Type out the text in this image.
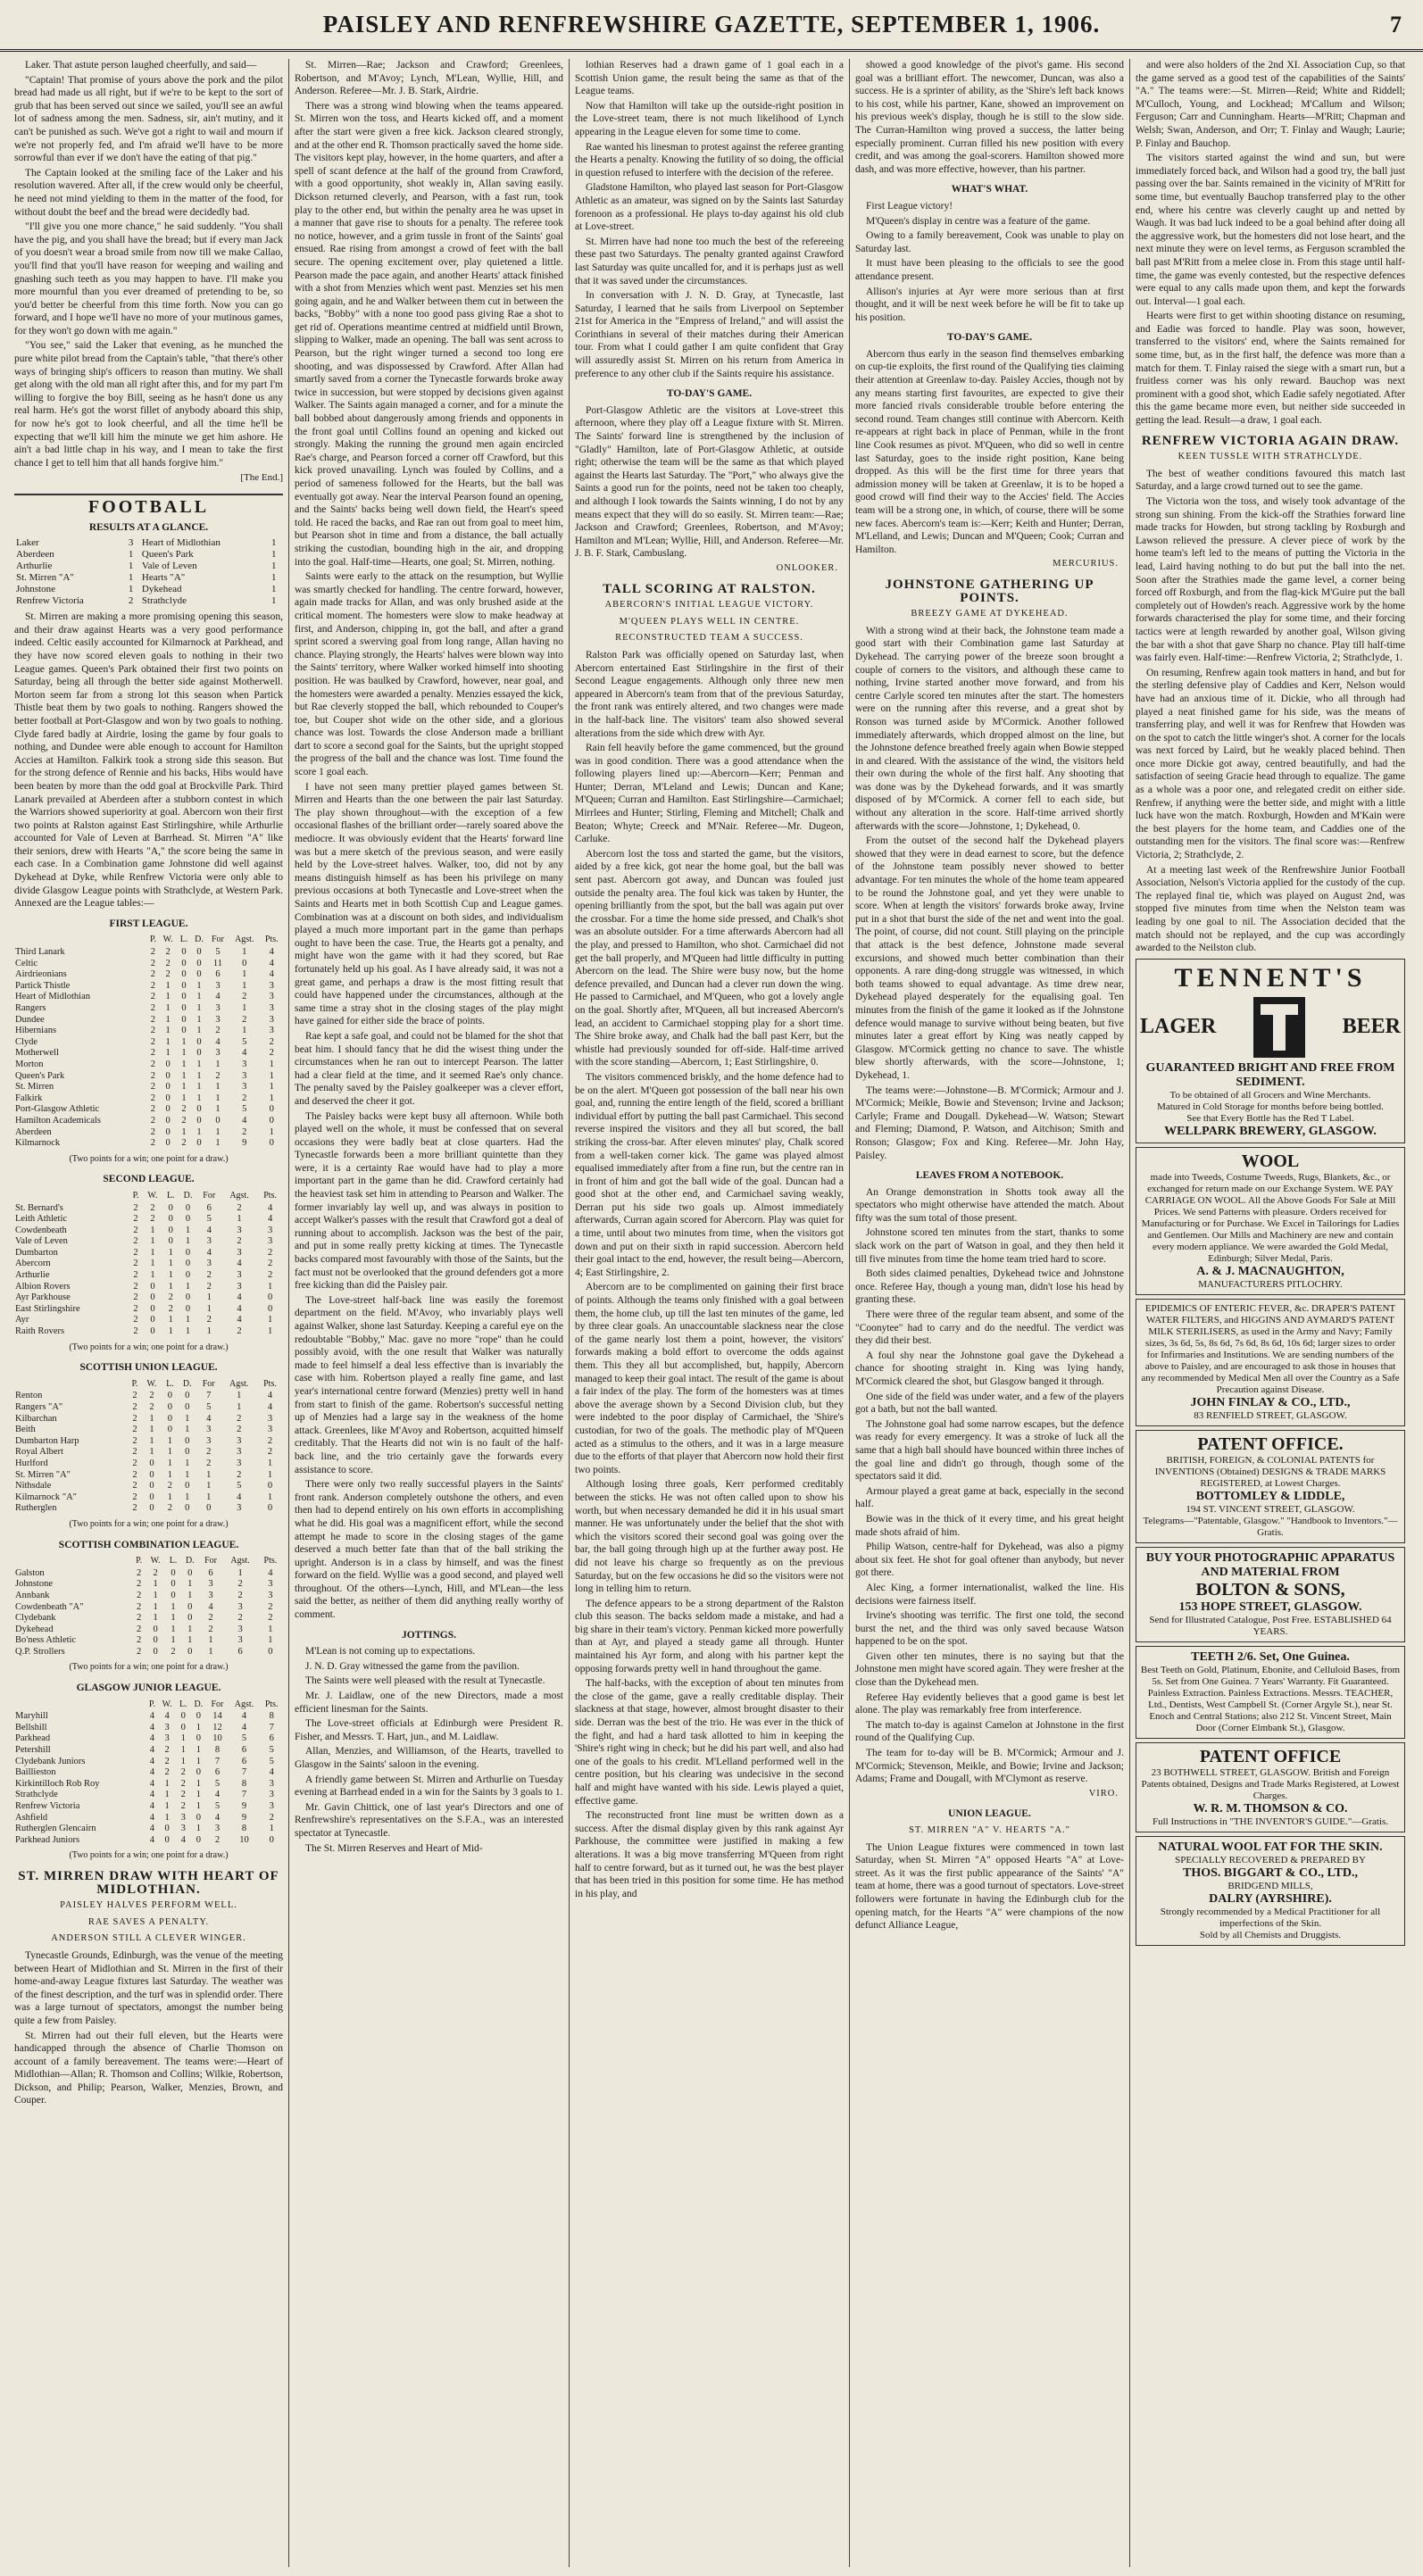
PAISLEY AND RENFREWSHIRE GAZETTE, SEPTEMBER 1, 1906.	7

Laker. That astute person laughed cheerfully, and said—

"Captain! That promise of yours above the pork and the pilot bread had made us all right, but if we're to be kept to the sort of grub that has been served out since we sailed, you'll see an awful lot of sadness among the men. Sadness, sir, ain't mutiny, and it can't be punished as such. We've got a right to wail and mourn if we're not properly fed, and I'm afraid we'll have to be more sorrowful than ever if we don't have the eating of that pig."

The Captain looked at the smiling face of the Laker and his resolution wavered. After all, if the crew would only be cheerful, he need not mind yielding to them in the matter of the food, for without doubt the beef and the bread were decidedly bad.

"I'll give you one more chance," he said suddenly. "You shall have the pig, and you shall have the bread; but if every man Jack of you doesn't wear a broad smile from now till we make Callao, you'll find that you'll have reason for weeping and wailing and gnashing such teeth as you may happen to have. I'll make you more mournful than you ever dreamed of pretending to be, so you'd better be cheerful from this time forth. Now you can go forward, and I hope we'll have no more of your mutinous games, for they won't go down with me again."

"You see," said the Laker that evening, as he munched the pure white pilot bread from the Captain's table, "that there's other ways of bringing ship's officers to reason than mutiny. We shall get along with the old man all right after this, and for my part I'm willing to forgive the boy Bill, seeing as he hasn't done us any real harm. He's got the worst fillet of anybody aboard this ship, for now he's got to look cheerful, and all the time he'll be expecting that we'll kill him the minute we get him ashore. He ain't a bad little chap in his way, and I mean to take the first chance I get to tell him that all hands forgive him."

[The End.]
FOOTBALL
RESULTS AT A GLANCE.
Laker	3	Heart of Midlothian	1
Aberdeen	1	Queen's Park	1
Arthurlie	1	Vale of Leven	1
St. Mirren "A"	1	Hearts "A"	1
Johnstone	1	Dykehead	1
Renfrew Victoria	2	Strathclyde	1

St. Mirren are making a more promising opening this season, and their draw against Hearts was a very good performance indeed. Celtic easily accounted for Kilmarnock at Parkhead, and they have now scored eleven goals to nothing in their two League games. Queen's Park obtained their first two points on Saturday, being all through the better side against Motherwell. Morton seem far from a strong lot this season when Partick Thistle beat them by two goals to nothing. Rangers showed the better football at Port-Glasgow and won by two goals to nothing. Clyde fared badly at Airdrie, losing the game by four goals to nothing, and Dundee were able enough to account for Hamilton Accies at Hamilton. Falkirk took a strong side this season. But for the strong defence of Rennie and his backs, Hibs would have been beaten by more than the odd goal at Brockville Park. Third Lanark prevailed at Aberdeen after a stubborn contest in which the Warriors showed superiority at goal. Abercorn won their first two points at Ralston against East Stirlingshire, while Arthurlie accounted for Vale of Leven at Barrhead. St. Mirren "A" like their seniors, drew with Hearts "A," the score being the same in each case. In a Combination game Johnstone did well against Dykehead at Dyke, while Renfrew Victoria were only able to divide Glasgow League points with Strathclyde, at Western Park. Annexed are the League tables:—

FIRST LEAGUE.
	P.	W.	L.	D.	For	Agst.	Pts.
Third Lanark	2	2	0	0	5	1	4
Celtic	2	2	0	0	11	0	4
Airdrieonians	2	2	0	0	6	1	4
Partick Thistle	2	1	0	1	3	1	3
Heart of Midlothian	2	1	0	1	4	2	3
Rangers	2	1	0	1	3	1	3
Dundee	2	1	0	1	3	2	3
Hibernians	2	1	0	1	2	1	3
Clyde	2	1	1	0	4	5	2
Motherwell	2	1	1	0	3	4	2
Morton	2	0	1	1	1	3	1
Queen's Park	2	0	1	1	2	3	1
St. Mirren	2	0	1	1	1	3	1
Falkirk	2	0	1	1	1	2	1
Port-Glasgow Athletic	2	0	2	0	1	5	0
Hamilton Academicals	2	0	2	0	0	4	0
Aberdeen	2	0	1	1	1	2	1
Kilmarnock	2	0	2	0	1	9	0

(Two points for a win; one point for a draw.)

SECOND LEAGUE.
	P.	W.	L.	D.	For	Agst.	Pts.
St. Bernard's	2	2	0	0	6	2	4
Leith Athletic	2	2	0	0	5	1	4
Cowdenbeath	2	1	0	1	4	3	3
Vale of Leven	2	1	0	1	3	2	3
Dumbarton	2	1	1	0	4	3	2
Abercorn	2	1	1	0	3	4	2
Arthurlie	2	1	1	0	2	3	2
Albion Rovers	2	0	1	1	2	3	1
Ayr Parkhouse	2	0	2	0	1	4	0
East Stirlingshire	2	0	2	0	1	4	0
Ayr	2	0	1	1	2	4	1
Raith Rovers	2	0	1	1	1	2	1

(Two points for a win; one point for a draw.)

SCOTTISH UNION LEAGUE.
	P.	W.	L.	D.	For	Agst.	Pts.
Renton	2	2	0	0	7	1	4
Rangers "A"	2	2	0	0	5	1	4
Kilbarchan	2	1	0	1	4	2	3
Beith	2	1	0	1	3	2	3
Dumbarton Harp	2	1	1	0	3	3	2
Royal Albert	2	1	1	0	2	3	2
Hurlford	2	0	1	1	2	3	1
St. Mirren "A"	2	0	1	1	1	2	1
Nithsdale	2	0	2	0	1	5	0
Kilmarnock "A"	2	0	1	1	1	4	1
Rutherglen	2	0	2	0	0	3	0

(Two points for a win; one point for a draw.)

SCOTTISH COMBINATION LEAGUE.
	P.	W.	L.	D.	For	Agst.	Pts.
Galston	2	2	0	0	6	1	4
Johnstone	2	1	0	1	3	2	3
Annbank	2	1	0	1	3	2	3
Cowdenbeath "A"	2	1	1	0	4	3	2
Clydebank	2	1	1	0	2	2	2
Dykehead	2	0	1	1	2	3	1
Bo'ness Athletic	2	0	1	1	1	3	1
Q.P. Strollers	2	0	2	0	1	6	0

(Two points for a win; one point for a draw.)

GLASGOW JUNIOR LEAGUE.
	P.	W.	L.	D.	For	Agst.	Pts.
Maryhill	4	4	0	0	14	4	8
Bellshill	4	3	0	1	12	4	7
Parkhead	4	3	1	0	10	5	6
Petershill	4	2	1	1	8	6	5
Clydebank Juniors	4	2	1	1	7	6	5
Baillieston	4	2	2	0	6	7	4
Kirkintilloch Rob Roy	4	1	2	1	5	8	3
Strathclyde	4	1	2	1	4	7	3
Renfrew Victoria	4	1	2	1	5	9	3
Ashfield	4	1	3	0	4	9	2
Rutherglen Glencairn	4	0	3	1	3	8	1
Parkhead Juniors	4	0	4	0	2	10	0

(Two points for a win; one point for a draw.)

ST. MIRREN DRAW WITH HEART OF MIDLOTHIAN.
PAISLEY HALVES PERFORM WELL.
RAE SAVES A PENALTY.
ANDERSON STILL A CLEVER WINGER.

Tynecastle Grounds, Edinburgh, was the venue of the meeting between Heart of Midlothian and St. Mirren in the first of their home-and-away League fixtures last Saturday. The weather was of the finest description, and the turf was in splendid order. There was a large turnout of spectators, amongst the number being quite a few from Paisley.

St. Mirren had out their full eleven, but the Hearts were handicapped through the absence of Charlie Thomson on account of a family bereavement. The teams were:—Heart of Midlothian—Allan; R. Thomson and Collins; Wilkie, Robertson, Dickson, and Philip; Pearson, Walker, Menzies, Brown, and Couper.

St. Mirren—Rae; Jackson and Crawford; Greenlees, Robertson, and M'Avoy; Lynch, M'Lean, Wyllie, Hill, and Anderson. Referee—Mr. J. B. Stark, Airdrie.

There was a strong wind blowing when the teams appeared. St. Mirren won the toss, and Hearts kicked off, and a moment after the start were given a free kick. Jackson cleared strongly, and at the other end R. Thomson practically saved the home side. The visitors kept play, however, in the home quarters, and after a spell of scant defence at the half of the ground from Crawford, with a good opportunity, shot weakly in, Allan saving easily. Dickson returned cleverly, and Pearson, with a fast run, took play to the other end, but within the penalty area he was upset in a manner that gave rise to shouts for a penalty. The referee took no notice, however, and a grim tussle in front of the Saints' goal ensued. Rae rising from amongst a crowd of feet with the ball secure. The opening excitement over, play quietened a little. Pearson made the pace again, and another Hearts' attack finished with a shot from Menzies which went past. Menzies set his men going again, and he and Walker between them cut in between the backs, "Bobby" with a none too good pass giving Rae a shot to get rid of. Operations meantime centred at midfield until Brown, slipping to Walker, made an opening. The ball was sent across to Pearson, but the right winger turned a second too long ere shooting, and was dispossessed by Crawford. After Allan had smartly saved from a corner the Tynecastle forwards broke away twice in succession, but were stopped by decisions given against Walker. The Saints again managed a corner, and for a minute the ball bobbed about dangerously among friends and opponents in the front goal until Collins found an opening and kicked out strongly. Making the running the ground men again encircled Rae's charge, and Pearson forced a corner off Crawford, but this kick proved unavailing. Lynch was fouled by Collins, and a period of sameness followed for the Hearts, but the ball was eventually got away. Near the interval Pearson found an opening, and the Saints' backs being well down field, the Heart's speed told. He raced the backs, and Rae ran out from goal to meet him, but Pearson shot in time and from a distance, the ball actually striking the custodian, bounding high in the air, and dropping into the goal. Half-time—Hearts, one goal; St. Mirren, nothing.

Saints were early to the attack on the resumption, but Wyllie was smartly checked for handling. The centre forward, however, again made tracks for Allan, and was only brushed aside at the critical moment. The homesters were slow to make headway at first, and Anderson, chipping in, got the ball, and after a grand sprint scored a swerving goal from long range, Allan having no chance. Playing strongly, the Hearts' halves were blown way into the Saints' territory, where Walker worked himself into shooting position. He was baulked by Crawford, however, near goal, and the homesters were awarded a penalty. Menzies essayed the kick, but Rae cleverly stopped the ball, which rebounded to Couper's toe, but Couper shot wide on the other side, and a glorious chance was lost. Towards the close Anderson made a brilliant dart to score a second goal for the Saints, but the upright stopped the progress of the ball and the chance was lost. Time found the score 1 goal each.

I have not seen many prettier played games between St. Mirren and Hearts than the one between the pair last Saturday. The play shown throughout—with the exception of a few occasional flashes of the brilliant order—rarely soared above the mediocre. It was obviously evident that the Hearts' forward line was but a mere sketch of the previous season, and were easily held by the Love-street halves. Walker, too, did not by any means distinguish himself as has been his privilege on many previous occasions at both Tynecastle and Love-street when the Saints and Hearts met in both Scottish Cup and League games. Combination was at a discount on both sides, and individualism played a much more important part in the game than perhaps ought to have been the case. True, the Hearts got a penalty, and might have won the game with it had they scored, but Rae fortunately held up his goal. As I have already said, it was not a great game, and perhaps a draw is the most fitting result that could have happened under the circumstances, although at the same time a stray shot in the closing stages of the play might have gained for either side the brace of points.

Rae kept a safe goal, and could not be blamed for the shot that beat him. I should fancy that he did the wisest thing under the circumstances when he ran out to intercept Pearson. The latter had a clear field at the time, and it seemed Rae's only chance. The penalty saved by the Paisley goalkeeper was a clever effort, and deserved the cheer it got.

The Paisley backs were kept busy all afternoon. While both played well on the whole, it must be confessed that on several occasions they were badly beat at close quarters. Had the Tynecastle forwards been a more brilliant quintette than they were, it is a certainty Rae would have had to play a more important part in the game than he did. Crawford certainly had the heaviest task set him in attending to Pearson and Walker. The former invariably lay well up, and was always in position to accept Walker's passes with the result that Crawford got a deal of running about to accomplish. Jackson was the best of the pair, and put in some really pretty kicking at times. The Tynecastle backs compared most favourably with those of the Saints, but the fact must not be overlooked that the ground defenders got a more free kicking than did the Paisley pair.

The Love-street half-back line was easily the foremost department on the field. M'Avoy, who invariably plays well against Walker, shone last Saturday. Keeping a careful eye on the redoubtable "Bobby," Mac. gave no more "rope" than he could possibly avoid, with the one result that Walker was naturally made to feel himself a deal less effective than is invariably the case with him. Robertson played a really fine game, and last year's international centre forward (Menzies) pretty well in hand from start to finish of the game. Robertson's successful netting up of Menzies had a large say in the weakness of the home attack. Greenlees, like M'Avoy and Robertson, acquitted himself creditably. That the Hearts did not win is no fault of the half-back line, and the trio certainly gave the forwards every assistance to score.

There were only two really successful players in the Saints' front rank. Anderson completely outshone the others, and even then had to depend entirely on his own efforts in accomplishing what he did. His goal was a magnificent effort, while the second attempt he made to score in the closing stages of the game deserved a much better fate than that of the ball striking the upright. Anderson is in a class by himself, and was the finest forward on the field. Wyllie was a good second, and played well throughout. Of the others—Lynch, Hill, and M'Lean—the less said the better, as neither of them did anything really worthy of comment.

JOTTINGS.

M'Lean is not coming up to expectations.

J. N. D. Gray witnessed the game from the pavilion.

The Saints were well pleased with the result at Tynecastle.

Mr. J. Laidlaw, one of the new Directors, made a most efficient linesman for the Saints.

The Love-street officials at Edinburgh were President R. Fisher, and Messrs. T. Hart, jun., and M. Laidlaw.

Allan, Menzies, and Williamson, of the Hearts, travelled to Glasgow in the Saints' saloon in the evening.

A friendly game between St. Mirren and Arthurlie on Tuesday evening at Barrhead ended in a win for the Saints by 3 goals to 1.

Mr. Gavin Chittick, one of last year's Directors and one of Renfrewshire's representatives on the S.F.A., was an interested spectator at Tynecastle.

The St. Mirren Reserves and Heart of Mid-

lothian Reserves had a drawn game of 1 goal each in a Scottish Union game, the result being the same as that of the League teams.

Now that Hamilton will take up the outside-right position in the Love-street team, there is not much likelihood of Lynch appearing in the League eleven for some time to come.

Rae wanted his linesman to protest against the referee granting the Hearts a penalty. Knowing the futility of so doing, the official in question refused to interfere with the decision of the referee.

Gladstone Hamilton, who played last season for Port-Glasgow Athletic as an amateur, was signed on by the Saints last Saturday forenoon as a professional. He plays to-day against his old club at Love-street.

St. Mirren have had none too much the best of the refereeing these past two Saturdays. The penalty granted against Crawford last Saturday was quite uncalled for, and it is perhaps just as well that it was saved under the circumstances.

In conversation with J. N. D. Gray, at Tynecastle, last Saturday, I learned that he sails from Liverpool on September 21st for America in the "Empress of Ireland," and will assist the Corinthians in several of their matches during their American tour. From what I could gather I am quite confident that Gray will assuredly assist St. Mirren on his return from America in preference to any other club if the Saints require his assistance.

TO-DAY'S GAME.

Port-Glasgow Athletic are the visitors at Love-street this afternoon, where they play off a League fixture with St. Mirren. The Saints' forward line is strengthened by the inclusion of "Gladly" Hamilton, late of Port-Glasgow Athletic, at outside right; otherwise the team will be the same as that which played against the Hearts last Saturday. The "Port," who always give the Saints a good run for the points, need not be taken too cheaply, and although I look towards the Saints winning, I do not by any means expect that they will do so easily. St. Mirren team:—Rae; Jackson and Crawford; Greenlees, Robertson, and M'Avoy; Hamilton and M'Lean; Wyllie, Hill, and Anderson. Referee—Mr. J. B. F. Stark, Cambuslang.

ONLOOKER.
TALL SCORING AT RALSTON.
ABERCORN'S INITIAL LEAGUE VICTORY.
M'QUEEN PLAYS WELL IN CENTRE.
RECONSTRUCTED TEAM A SUCCESS.

Ralston Park was officially opened on Saturday last, when Abercorn entertained East Stirlingshire in the first of their Second League engagements. Although only three new men appeared in Abercorn's team from that of the previous Saturday, the front rank was entirely altered, and two changes were made in the half-back line. The visitors' team also showed several alterations from the side which drew with Ayr.

Rain fell heavily before the game commenced, but the ground was in good condition. There was a good attendance when the following players lined up:—Abercorn—Kerr; Penman and Hunter; Derran, M'Leland and Lewis; Duncan and Kane; M'Queen; Curran and Hamilton. East Stirlingshire—Carmichael; Mirrlees and Hunter; Stirling, Fleming and Mitchell; Chalk and Beaton; Whyte; Creeck and M'Nair. Referee—Mr. Dugeon, Carluke.

Abercorn lost the toss and started the game, but the visitors, aided by a free kick, got near the home goal, but the ball was sent past. Abercorn got away, and Duncan was fouled just outside the penalty area. The foul kick was taken by Hunter, the opening brilliantly from the spot, but the ball was again put over the crossbar. For a time the home side pressed, and Chalk's shot was an absolute outsider. For a time afterwards Abercorn had all the play, and pressed to Hamilton, who shot. Carmichael did not get the ball properly, and M'Queen had little difficulty in putting Abercorn on the lead. The Shire were busy now, but the home defence prevailed, and Duncan had a clever run down the wing. He passed to Carmichael, and M'Queen, who got a lovely angle on the goal. Shortly after, M'Queen, all but increased Abercorn's lead, an accident to Carmichael stopping play for a short time. The Shire broke away, and Chalk had the ball past Kerr, but the whistle had previously sounded for off-side. Half-time arrived with the score standing—Abercorn, 1; East Stirlingshire, 0.

The visitors commenced briskly, and the home defence had to be on the alert. M'Queen got possession of the ball near his own goal, and, running the entire length of the field, scored a brilliant individual effort by putting the ball past Carmichael. This second reverse inspired the visitors and they all but scored, the ball striking the cross-bar. After eleven minutes' play, Chalk scored from a well-taken corner kick. The game was played almost equalised immediately after from a fine run, but the centre ran in in front of him and got the ball wide of the goal. Duncan had a good shot at the other end, and Carmichael saving weakly, Derran put his side two goals up. Almost immediately afterwards, Curran again scored for Abercorn. Play was quiet for a time, until about two minutes from time, when the visitors got down and put on their sixth in rapid succession. Abercorn held their goal intact to the end, however, the result being—Abercorn, 4; East Stirlingshire, 2.

Abercorn are to be complimented on gaining their first brace of points. Although the teams only finished with a goal between them, the home club, up till the last ten minutes of the game, led by three clear goals. An unaccountable slackness near the close of the game nearly lost them a point, however, the visitors' forwards making a bold effort to overcome the odds against them. This they all but accomplished, but, happily, Abercorn managed to keep their goal intact. The result of the game is about a fair index of the play. The form of the homesters was at times above the average shown by a Second Division club, but they were indebted to the poor display of Carmichael, the 'Shire's custodian, for two of the goals. The methodic play of M'Queen acted as a stimulus to the others, and it was in a large measure due to the efforts of that player that Abercorn now hold their first two points.

Although losing three goals, Kerr performed creditably between the sticks. He was not often called upon to show his worth, but when necessary demanded he did it in his usual smart manner. He was unfortunately under the belief that the shot with which the visitors scored their second goal was going over the bar, the ball going through high up at the further away post. He did not leave his charge so frequently as on the previous Saturday, but on the few occasions he did so the visitors were not long in telling him to return.

The defence appears to be a strong department of the Ralston club this season. The backs seldom made a mistake, and had a big share in their team's victory. Penman kicked more powerfully than at Ayr, and played a steady game all through. Hunter maintained his Ayr form, and along with his partner kept the opposing forwards pretty well in hand throughout the game.

The half-backs, with the exception of about ten minutes from the close of the game, gave a really creditable display. Their slackness at that stage, however, almost brought disaster to their side. Derran was the best of the trio. He was ever in the thick of the fight, and had a hard task allotted to him in keeping the 'Shire's right wing in check; but he did his part well, and also had one of the goals to his credit. M'Lelland performed well in the centre position, but his clearing was undecisive in the second half and might have wanted with his side. Lewis played a quiet, effective game.

The reconstructed front line must be written down as a success. After the dismal display given by this rank against Ayr Parkhouse, the committee were justified in making a few alterations. It was a big move transferring M'Queen from right half to centre forward, but as it turned out, he was the best player that has been tried in this position for some time. He has method in his play, and

showed a good knowledge of the pivot's game. His second goal was a brilliant effort. The newcomer, Duncan, was also a success. He is a sprinter of ability, as the 'Shire's left back knows to his cost, while his partner, Kane, showed an improvement on his previous week's display, though he is still to the slow side. The Curran-Hamilton wing proved a success, the latter being especially prominent. Curran filled his new position with every credit, and was among the goal-scorers. Hamilton showed more dash, and was more effective, however, than his partner.

WHAT'S WHAT.

First League victory!

M'Queen's display in centre was a feature of the game.

Owing to a family bereavement, Cook was unable to play on Saturday last.

It must have been pleasing to the officials to see the good attendance present.

Allison's injuries at Ayr were more serious than at first thought, and it will be next week before he will be fit to take up his position.

TO-DAY'S GAME.

Abercorn thus early in the season find themselves embarking on cup-tie exploits, the first round of the Qualifying ties claiming their attention at Greenlaw to-day. Paisley Accies, though not by any means starting first favourites, are expected to give their more fancied rivals considerable trouble before entering the second round. Team changes still continue with Abercorn. Keith re-appears at right back in place of Penman, while in the front line Cook resumes as pivot. M'Queen, who did so well in centre last Saturday, goes to the inside right position, Kane being dropped. As this will be the first time for three years that admission money will be taken at Greenlaw, it is to be hoped a good crowd will find their way to the Accies' field. The Accies team will be a strong one, in which, of course, there will be some new faces. Abercorn's team is:—Kerr; Keith and Hunter; Derran, M'Lelland, and Lewis; Duncan and M'Queen; Cook; Curran and Hamilton.

MERCURIUS.
JOHNSTONE GATHERING UP POINTS.
BREEZY GAME AT DYKEHEAD.

With a strong wind at their back, the Johnstone team made a good start with their Combination game last Saturday at Dykehead. The carrying power of the breeze soon brought a couple of corners to the visitors, and although these came to nothing, Irvine started another move forward, and from his centre Carlyle scored ten minutes after the start. The homesters were on the running after this reverse, and a great shot by Ronson was turned aside by M'Cormick. Another followed immediately afterwards, which dropped almost on the line, but the Johnstone defence breathed freely again when Bowie stepped in and cleared. With the assistance of the wind, the visitors held their own during the whole of the first half. Any shooting that was done was by the Dykehead forwards, and it was smartly disposed of by M'Cormick. A corner fell to each side, but without any alteration in the score. Half-time arrived shortly afterwards with the score—Johnstone, 1; Dykehead, 0.

From the outset of the second half the Dykehead players showed that they were in dead earnest to score, but the defence of the Johnstone team possibly never showed to better advantage. For ten minutes the whole of the home team appeared to be round the Johnstone goal, and yet they were unable to score. When at length the visitors' forwards broke away, Irvine put in a shot that burst the side of the net and went into the goal. The point, of course, did not count. Still playing on the principle that attack is the best defence, Johnstone made several excursions, and showed much better combination than their opponents. A rare ding-dong struggle was witnessed, in which both teams showed to equal advantage. As time drew near, Dykehead played desperately for the equalising goal. Ten minutes from the finish of the game it looked as if the Johnstone defence would manage to survive without being beaten, but five minutes later a great effort by King was neatly capped by Glasgow. M'Cormick getting no chance to save. The whistle blew shortly afterwards, with the score—Johnstone, 1; Dykehead, 1.

The teams were:—Johnstone—B. M'Cormick; Armour and J. M'Cormick; Meikle, Bowie and Stevenson; Irvine and Jackson; Carlyle; Frame and Dougall. Dykehead—W. Watson; Stewart and Fleming; Diamond, P. Watson, and Aitchison; Smith and Ronson; Glasgow; Fox and King. Referee—Mr. John Hay, Paisley.

LEAVES FROM A NOTEBOOK.

An Orange demonstration in Shotts took away all the spectators who might otherwise have attended the match. About fifty was the sum total of those present.

Johnstone scored ten minutes from the start, thanks to some slack work on the part of Watson in goal, and they then held it till five minutes from time the home team tried hard to score.

Both sides claimed penalties, Dykehead twice and Johnstone once. Referee Hay, though a young man, didn't lose his head by granting these.

There were three of the regular team absent, and some of the "Coonytee" had to carry and do the needful. The verdict was they did their best.

A foul shy near the Johnstone goal gave the Dykehead a chance for shooting straight in. King was lying handy, M'Cormick cleared the shot, but Glasgow banged it through.

One side of the field was under water, and a few of the players got a bath, but not the ball wanted.

The Johnstone goal had some narrow escapes, but the defence was ready for every emergency. It was a stroke of luck all the same that a high ball should have bounced within three inches of the goal line and didn't go through, though some of the spectators said it did.

Armour played a great game at back, especially in the second half.

Bowie was in the thick of it every time, and his great height made shots afraid of him.

Philip Watson, centre-half for Dykehead, was also a pigmy about six feet. He shot for goal oftener than anybody, but never got there.

Alec King, a former internationalist, walked the line. His decisions were fairness itself.

Irvine's shooting was terrific. The first one told, the second burst the net, and the third was only saved because Watson happened to be on the spot.

Given other ten minutes, there is no saying but that the Johnstone men might have scored again. They were fresher at the close than the Dykehead men.

Referee Hay evidently believes that a good game is best let alone. The play was remarkably free from interference.

The match to-day is against Camelon at Johnstone in the first round of the Qualifying Cup.

The team for to-day will be B. M'Cormick; Armour and J. M'Cormick; Stevenson, Meikle, and Bowie; Irvine and Jackson; Adams; Frame and Dougall, with M'Clymont as reserve.

VIRO.
UNION LEAGUE.
ST. MIRREN "A" V. HEARTS "A."

The Union League fixtures were commenced in town last Saturday, when St. Mirren "A" opposed Hearts "A" at Love-street. As it was the first public appearance of the Saints' "A" team at home, there was a good turnout of spectators. Love-street followers were fortunate in having the Edinburgh club for the opening match, for the Hearts "A" were champions of the now defunct Alliance League,

and were also holders of the 2nd XI. Association Cup, so that the game served as a good test of the capabilities of the Saints' "A." The teams were:—St. Mirren—Reid; White and Riddell; M'Culloch, Young, and Lockhead; M'Callum and Wilson; Ferguson; Carr and Cunningham. Hearts—M'Ritt; Chapman and Welsh; Swan, Anderson, and Orr; T. Finlay and Waugh; Laurie; P. Finlay and Bauchop.

The visitors started against the wind and sun, but were immediately forced back, and Wilson had a good try, the ball just passing over the bar. Saints remained in the vicinity of M'Ritt for some time, but eventually Bauchop transferred play to the other end, where his centre was cleverly caught up and netted by Waugh. It was bad luck indeed to be a goal behind after doing all the aggressive work, but the homesters did not lose heart, and the next minute they were on level terms, as Ferguson scrambled the ball past M'Ritt from a melee close in. From this stage until half-time, the game was evenly contested, but the respective defences were equal to any calls made upon them, and kept the forwards out. Interval—1 goal each.

Hearts were first to get within shooting distance on resuming, and Eadie was forced to handle. Play was soon, however, transferred to the visitors' end, where the Saints remained for some time, but, as in the first half, the defence was more than a match for them. T. Finlay raised the siege with a smart run, but a fruitless corner was his only reward. Bauchop was next prominent with a good shot, which Eadie safely negotiated. After this the game became more even, but neither side succeeded in getting the lead. Result—a draw, 1 goal each.

RENFREW VICTORIA AGAIN DRAW.
KEEN TUSSLE WITH STRATHCLYDE.

The best of weather conditions favoured this match last Saturday, and a large crowd turned out to see the game.

The Victoria won the toss, and wisely took advantage of the strong sun shining. From the kick-off the Strathies forward line made tracks for Howden, but strong tackling by Roxburgh and Lawson relieved the pressure. A clever piece of work by the home team's left led to the means of putting the Victoria in the lead, Laird having nothing to do but put the ball into the net. Soon after the Strathies made the game level, a corner being forced off Roxburgh, and from the flag-kick M'Guire put the ball completely out of Howden's reach. Aggressive work by the home forwards characterised the play for some time, and their forcing tactics were at length rewarded by another goal, Wilson giving the bar with a shot that gave Sharp no chance. Play till half-time was fairly even. Half-time:—Renfrew Victoria, 2; Strathclyde, 1.

On resuming, Renfrew again took matters in hand, and but for the sterling defensive play of Caddies and Kerr, Nelson would have had an anxious time of it. Dickie, who all through had played a neat finished game for his side, was the means of transferring play, and well it was for Renfrew that Howden was on the spot to catch the little winger's shot. A corner for the locals was next forced by Laird, but he weakly placed behind. Then once more Dickie got away, centred beautifully, and had the satisfaction of seeing Gracie head through to equalize. The game as a whole was a poor one, and relegated credit on either side. Renfrew, if anything were the better side, and might with a little luck have won the match. Roxburgh, Howden and M'Kain were the best players for the home team, and Caddies one of the outstanding men for the visitors. The final score was:—Renfrew Victoria, 2; Strathclyde, 2.

At a meeting last week of the Renfrewshire Junior Football Association, Nelson's Victoria applied for the custody of the cup. The replayed final tie, which was played on August 2nd, was stopped five minutes from time when the Nelston team was leading by one goal to nil. The Association decided that the match should not be replayed, and the cup was accordingly awarded to the Neilston club.

TENNENT'S
LAGER	BEER
GUARANTEED BRIGHT AND FREE FROM SEDIMENT.
To be obtained of all Grocers and Wine Merchants.
Matured in Cold Storage for months before being bottled.
See that Every Bottle has the Red T Label.
WELLPARK BREWERY, GLASGOW.
WOOL
made into Tweeds, Costume Tweeds, Rugs, Blankets, &c., or exchanged for return made on our Exchange System. WE PAY CARRIAGE ON WOOL. All the Above Goods For Sale at Mill Prices. We send Patterns with pleasure. Orders received for Manufacturing or for Purchase. We Excel in Tailorings for Ladies and Gentlemen. Our Mills and Machinery are new and contain every modern appliance. We were awarded the Gold Medal, Edinburgh; Silver Medal, Paris.
A. & J. MACNAUGHTON,
MANUFACTURERS PITLOCHRY.
EPIDEMICS OF ENTERIC FEVER, &c. DRAPER'S PATENT WATER FILTERS, and HIGGINS AND AYMARD'S PATENT MILK STERILISERS, as used in the Army and Navy; Family sizes, 3s 6d, 5s, 8s 6d, 7s 6d, 8s 6d, 10s 6d; larger sizes to order for Infirmaries and Institutions. We are sending numbers of the above to Paisley, and are encouraged to ask those in houses that any recommended by Medical Men all over the Country as a Safe Precaution against Disease.
JOHN FINLAY & CO., LTD.,
83 RENFIELD STREET, GLASGOW.
PATENT OFFICE.
BRITISH, FOREIGN, & COLONIAL PATENTS for INVENTIONS (Obtained) DESIGNS & TRADE MARKS REGISTERED, at Lowest Charges.
BOTTOMLEY & LIDDLE,
194 ST. VINCENT STREET, GLASGOW.
Telegrams—"Patentable, Glasgow." "Handbook to Inventors."—Gratis.
BUY YOUR PHOTOGRAPHIC APPARATUS AND MATERIAL FROM
BOLTON & SONS,
153 HOPE STREET, GLASGOW.
Send for Illustrated Catalogue, Post Free. ESTABLISHED 64 YEARS.
TEETH 2/6. Set, One Guinea.
Best Teeth on Gold, Platinum, Ebonite, and Celluloid Bases, from 5s. Set from One Guinea. 7 Years' Warranty. Fit Guaranteed. Painless Extraction. Painless Extractions. Messrs. TEACHER, Ltd., Dentists, West Campbell St. (Corner Argyle St.), near St. Enoch and Central Stations; also 212 St. Vincent Street, Main Door (Corner Elmbank St.), Glasgow.
PATENT OFFICE
23 BOTHWELL STREET, GLASGOW. British and Foreign Patents obtained, Designs and Trade Marks Registered, at Lowest Charges.
W. R. M. THOMSON & CO.
Full Instructions in "THE INVENTOR'S GUIDE."—Gratis.
NATURAL WOOL FAT FOR THE SKIN.
SPECIALLY RECOVERED & PREPARED BY
THOS. BIGGART & CO., LTD.,
BRIDGEND MILLS,
DALRY (AYRSHIRE).
Strongly recommended by a Medical Practitioner for all imperfections of the Skin.
Sold by all Chemists and Druggists.
